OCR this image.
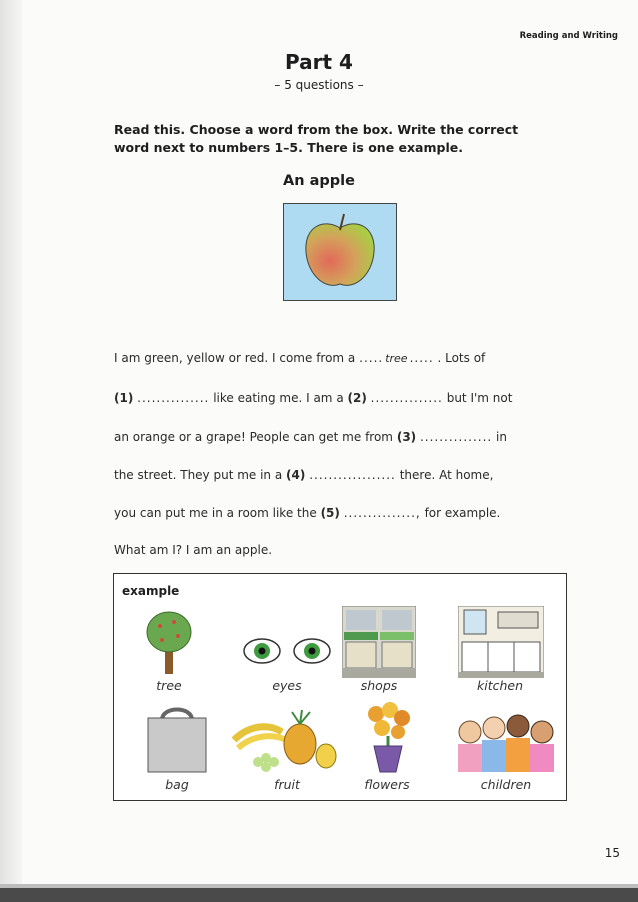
Reading and Writing
Part 4
– 5 questions –
Read this. Choose a word from the box. Write the correct word next to numbers 1–5. There is one example.
An apple
I am green, yellow or red. I come from a ..... tree ..... . Lots of
(1) ............... like eating me. I am a (2) ............... but I'm not
an orange or a grape! People can get me from (3) ............... in
the street. They put me in a (4) .................. there. At home,
you can put me in a room like the (5) ..............., for example.
What am I? I am an apple.
example
tree	eyes	shops	kitchen
bag	fruit	flowers	children
15
